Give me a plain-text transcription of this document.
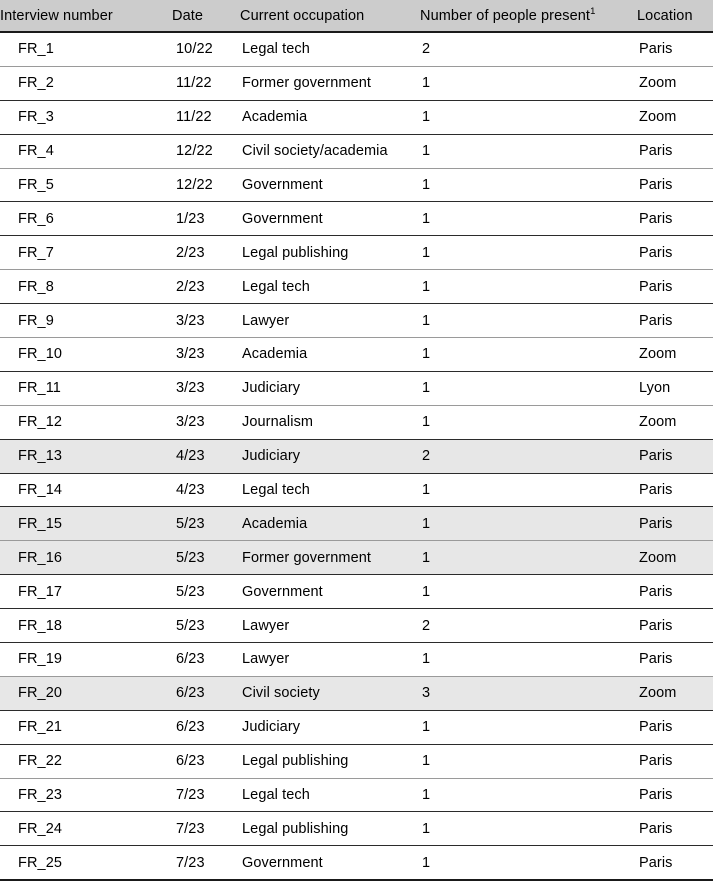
Interview number	Date	Current occupation	Number of people present$^1$	Location
FR_1	10/22	Legal tech	2	Paris
FR_2	11/22	Former government	1	Zoom
FR_3	11/22	Academia	1	Zoom
FR_4	12/22	Civil society/academia	1	Paris
FR_5	12/22	Government	1	Paris
FR_6	1/23	Government	1	Paris
FR_7	2/23	Legal publishing	1	Paris
FR_8	2/23	Legal tech	1	Paris
FR_9	3/23	Lawyer	1	Paris
FR_10	3/23	Academia	1	Zoom
FR_11	3/23	Judiciary	1	Lyon
FR_12	3/23	Journalism	1	Zoom
FR_13	4/23	Judiciary	2	Paris
FR_14	4/23	Legal tech	1	Paris
FR_15	5/23	Academia	1	Paris
FR_16	5/23	Former government	1	Zoom
FR_17	5/23	Government	1	Paris
FR_18	5/23	Lawyer	2	Paris
FR_19	6/23	Lawyer	1	Paris
FR_20	6/23	Civil society	3	Zoom
FR_21	6/23	Judiciary	1	Paris
FR_22	6/23	Legal publishing	1	Paris
FR_23	7/23	Legal tech	1	Paris
FR_24	7/23	Legal publishing	1	Paris
FR_25	7/23	Government	1	Paris
